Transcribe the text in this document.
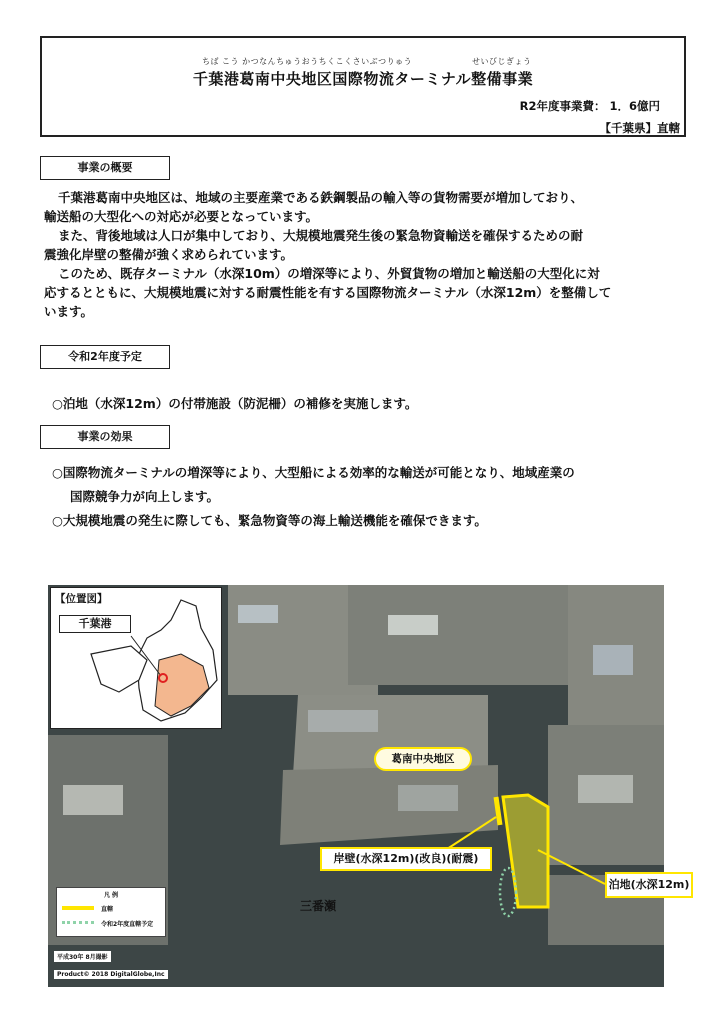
ちば こう かつなんちゅうおうちくこくさいぶつりゅう	せいびじぎょう
千葉港葛南中央地区国際物流ターミナル整備事業
R2年度事業費： 1．6億円
【千葉県】直轄
事業の概要

千葉港葛南中央地区は、地域の主要産業である鉄鋼製品の輸入等の貨物需要が増加しており、

輸送船の大型化への対応が必要となっています。

また、背後地域は人口が集中しており、大規模地震発生後の緊急物資輸送を確保するための耐

震強化岸壁の整備が強く求められています。

このため、既存ターミナル（水深10m）の増深等により、外貿貨物の増加と輸送船の大型化に対

応するとともに、大規模地震に対する耐震性能を有する国際物流ターミナル（水深12m）を整備して

います。

令和2年度予定
○泊地（水深12m）の付帯施設（防泥柵）の補修を実施します。
事業の効果
○国際物流ターミナルの増深等により、大型船による効率的な輸送が可能となり、地域産業の
国際競争力が向上します。
○大規模地震の発生に際しても、緊急物資等の海上輸送機能を確保できます。
【位置図】
千葉港
葛南中央地区
岸壁(水深12m)(改良)(耐震)
泊地(水深12m)
三番瀬
凡 例
直轄
令和2年度直轄予定
平成30年 8月撮影
Product© 2018 DigitalGlobe,Inc
